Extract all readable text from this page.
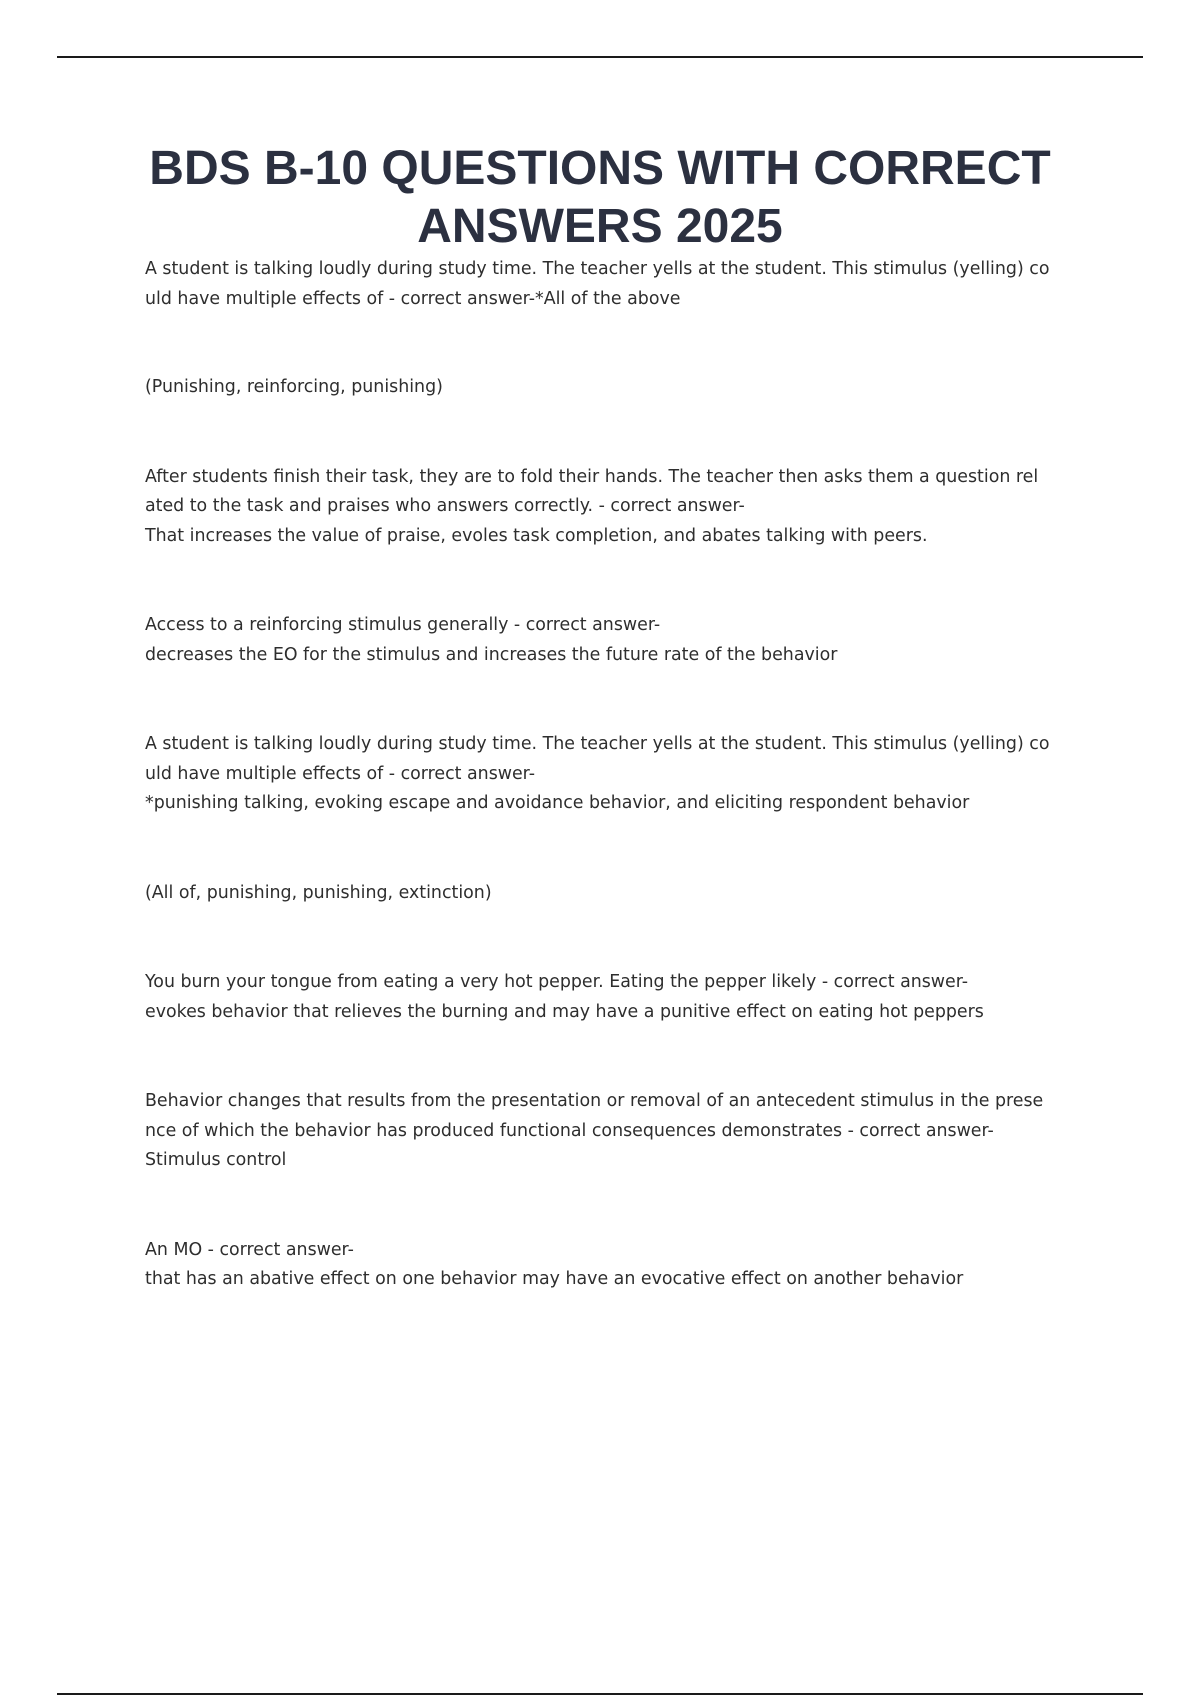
BDS B-10 QUESTIONS WITH CORRECT
ANSWERS 2025

A student is talking loudly during study time. The teacher yells at the student. This stimulus (yelling) co
uld have multiple effects of - correct answer-*All of the above

(Punishing, reinforcing, punishing)

After students finish their task, they are to fold their hands. The teacher then asks them a question rel
ated to the task and praises who answers correctly. - correct answer-
That increases the value of praise, evoles task completion, and abates talking with peers.

Access to a reinforcing stimulus generally - correct answer-
decreases the EO for the stimulus and increases the future rate of the behavior

A student is talking loudly during study time. The teacher yells at the student. This stimulus (yelling) co
uld have multiple effects of - correct answer-
*punishing talking, evoking escape and avoidance behavior, and eliciting respondent behavior

(All of, punishing, punishing, extinction)

You burn your tongue from eating a very hot pepper. Eating the pepper likely - correct answer-
evokes behavior that relieves the burning and may have a punitive effect on eating hot peppers

Behavior changes that results from the presentation or removal of an antecedent stimulus in the prese
nce of which the behavior has produced functional consequences demonstrates - correct answer-
Stimulus control

An MO - correct answer-
that has an abative effect on one behavior may have an evocative effect on another behavior
